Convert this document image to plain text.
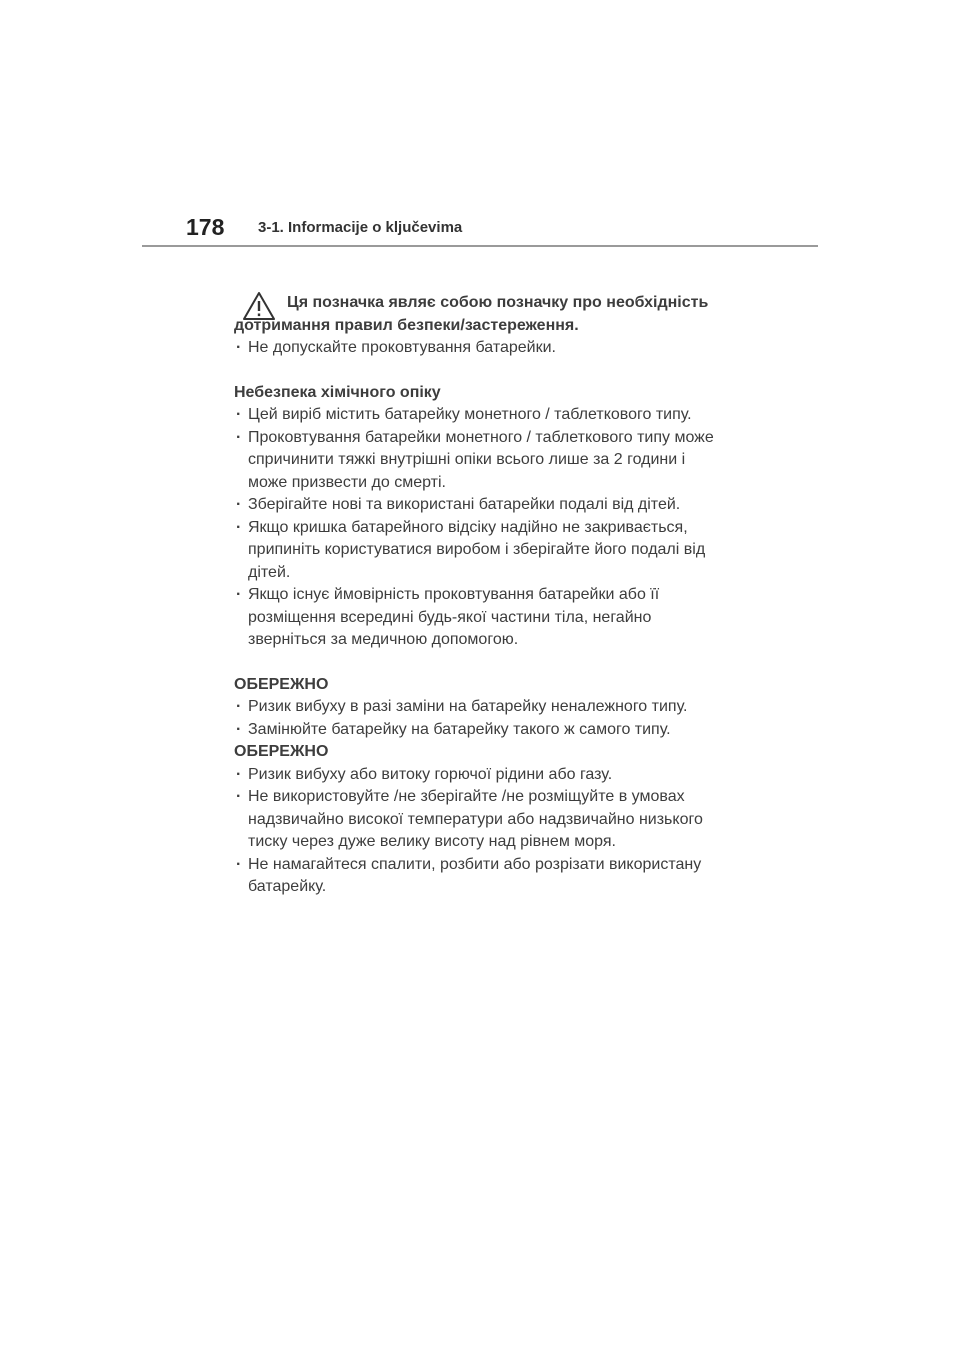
178 3-1. Informacije o ključevima
Ця позначка являє собою позначку про необхідність
дотримання правил безпеки/застереження.
· Не допускайте проковтування батарейки.
Небезпека хімічного опіку
· Цей виріб містить батарейку монетного / таблеткового типу.
· Проковтування батарейки монетного / таблеткового типу може
спричинити тяжкі внутрішні опіки всього лише за 2 години і
може призвести до смерті.
· Зберігайте нові та використані батарейки подалі від дітей.
· Якщо кришка батарейного відсіку надійно не закривається,
припиніть користуватися виробом і зберігайте його подалі від
дітей.
· Якщо існує ймовірність проковтування батарейки або її
розміщення всередині будь-якої частини тіла, негайно
зверніться за медичною допомогою.
ОБЕРЕЖНО
· Ризик вибуху в разі заміни на батарейку неналежного типу.
· Замінюйте батарейку на батарейку такого ж самого типу.
ОБЕРЕЖНО
· Ризик вибуху або витоку горючої рідини або газу.
· Не використовуйте /не зберігайте /не розміщуйте в умовах
надзвичайно високої температури або надзвичайно низького
тиску через дуже велику висоту над рівнем моря.
· Не намагайтеся спалити, розбити або розрізати використану
батарейку.
